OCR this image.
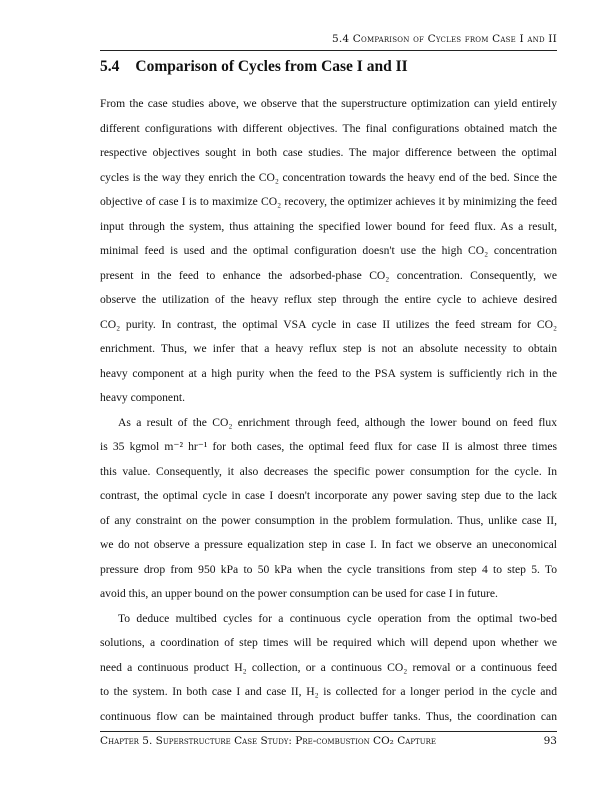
5.4 Comparison of Cycles from Case I and II
5.4 Comparison of Cycles from Case I and II
From the case studies above, we observe that the superstructure optimization can yield entirely
different configurations with different objectives. The final configurations obtained match the
respective objectives sought in both case studies. The major difference between the optimal
cycles is the way they enrich the CO₂ concentration towards the heavy end of the bed. Since the
objective of case I is to maximize CO₂ recovery, the optimizer achieves it by minimizing the feed
input through the system, thus attaining the specified lower bound for feed flux. As a result,
minimal feed is used and the optimal configuration doesn't use the high CO₂ concentration
present in the feed to enhance the adsorbed-phase CO₂ concentration. Consequently, we
observe the utilization of the heavy reflux step through the entire cycle to achieve desired
CO₂ purity. In contrast, the optimal VSA cycle in case II utilizes the feed stream for CO₂
enrichment. Thus, we infer that a heavy reflux step is not an absolute necessity to obtain
heavy component at a high purity when the feed to the PSA system is sufficiently rich in the
heavy component.
As a result of the CO₂ enrichment through feed, although the lower bound on feed flux
is 35 kgmol m⁻² hr⁻¹ for both cases, the optimal feed flux for case II is almost three times
this value. Consequently, it also decreases the specific power consumption for the cycle. In
contrast, the optimal cycle in case I doesn't incorporate any power saving step due to the lack
of any constraint on the power consumption in the problem formulation. Thus, unlike case II,
we do not observe a pressure equalization step in case I. In fact we observe an uneconomical
pressure drop from 950 kPa to 50 kPa when the cycle transitions from step 4 to step 5. To
avoid this, an upper bound on the power consumption can be used for case I in future.
To deduce multibed cycles for a continuous cycle operation from the optimal two-bed
solutions, a coordination of step times will be required which will depend upon whether we
need a continuous product H₂ collection, or a continuous CO₂ removal or a continuous feed
to the system. In both case I and case II, H₂ is collected for a longer period in the cycle and
continuous flow can be maintained through product buffer tanks. Thus, the coordination can
Chapter 5. Superstructure Case Study: Pre-combustion CO₂ Capture	93
